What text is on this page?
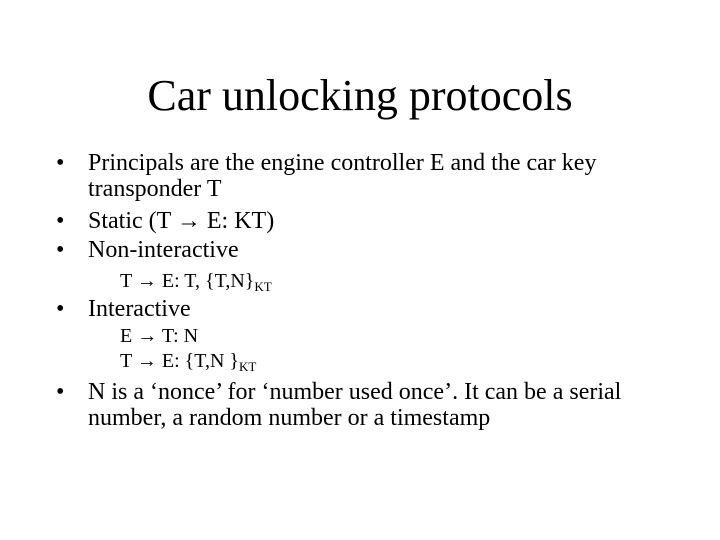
Car unlocking protocols
• Principals are the engine controller E and the car key
transponder T
• Static (T → E: KT)
• Non-interactive
T → E: T, $\{T,N\}_{KT}$
• Interactive
E → T: N
T → E: {T,N }$_{KT}$
• N is a ‘nonce’ for ‘number used once’. It can be a serial
number, a random number or a timestamp
